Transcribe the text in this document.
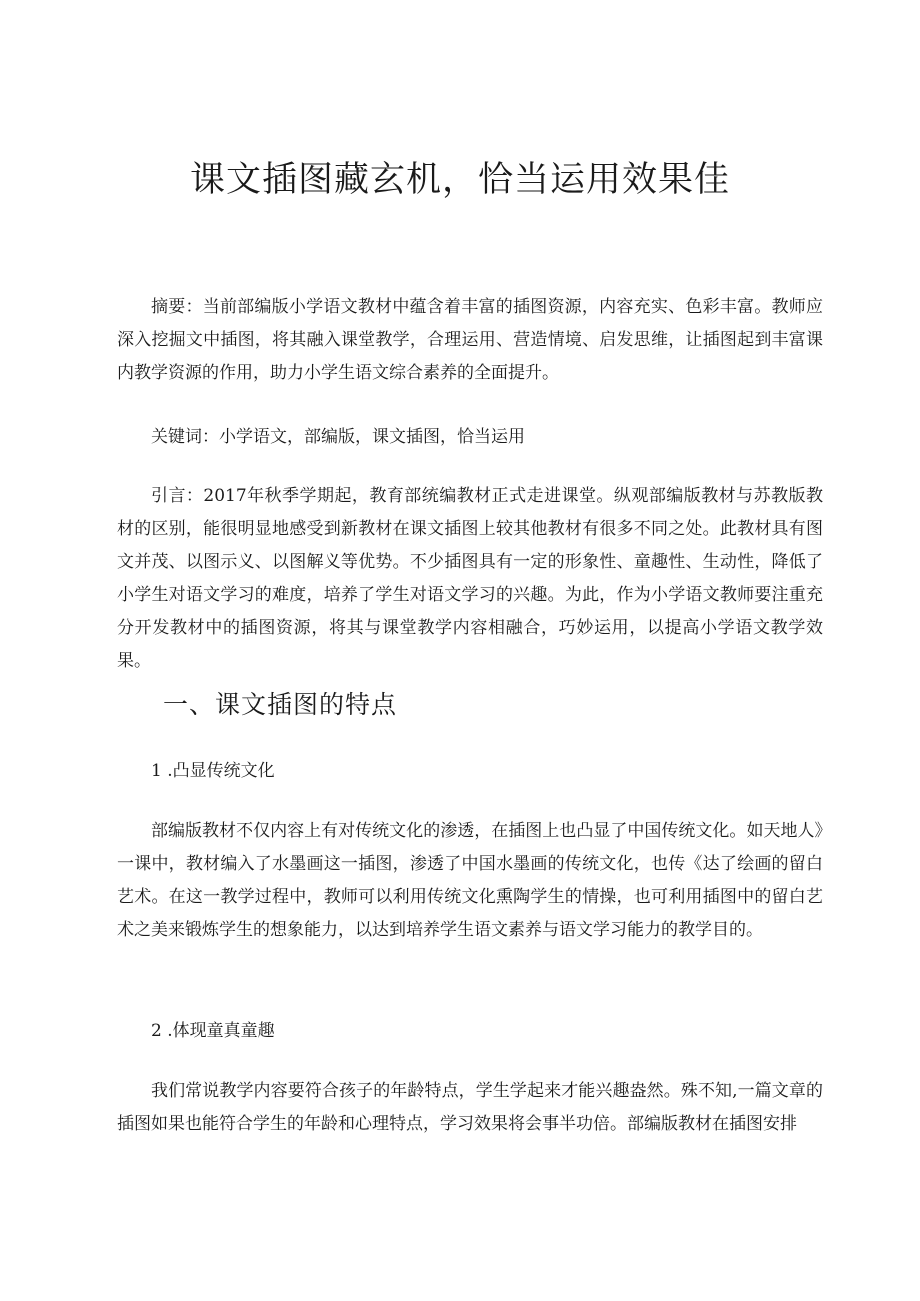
课文插图藏玄机，恰当运用效果佳

摘要：当前部编版小学语文教材中蕴含着丰富的插图资源，内容充实、色彩丰富。教师应深入挖掘文中插图，将其融入课堂教学，合理运用、营造情境、启发思维，让插图起到丰富课内教学资源的作用，助力小学生语文综合素养的全面提升。

关键词：小学语文，部编版，课文插图，恰当运用

引言：2017年秋季学期起，教育部统编教材正式走进课堂。纵观部编版教材与苏教版教材的区别，能很明显地感受到新教材在课文插图上较其他教材有很多不同之处。此教材具有图文并茂、以图示义、以图解义等优势。不少插图具有一定的形象性、童趣性、生动性，降低了小学生对语文学习的难度，培养了学生对语文学习的兴趣。为此，作为小学语文教师要注重充分开发教材中的插图资源，将其与课堂教学内容相融合，巧妙运用，以提高小学语文教学效果。

一、课文插图的特点
1 .凸显传统文化

部编版教材不仅内容上有对传统文化的渗透，在插图上也凸显了中国传统文化。如天地人》一课中，教材编入了水墨画这一插图，渗透了中国水墨画的传统文化，也传《达了绘画的留白艺术。在这一教学过程中，教师可以利用传统文化熏陶学生的情操，也可利用插图中的留白艺术之美来锻炼学生的想象能力，以达到培养学生语文素养与语文学习能力的教学目的。

2 .体现童真童趣

我们常说教学内容要符合孩子的年龄特点，学生学起来才能兴趣盎然。殊不知,一篇文章的插图如果也能符合学生的年龄和心理特点，学习效果将会事半功倍。部编版教材在插图安排
